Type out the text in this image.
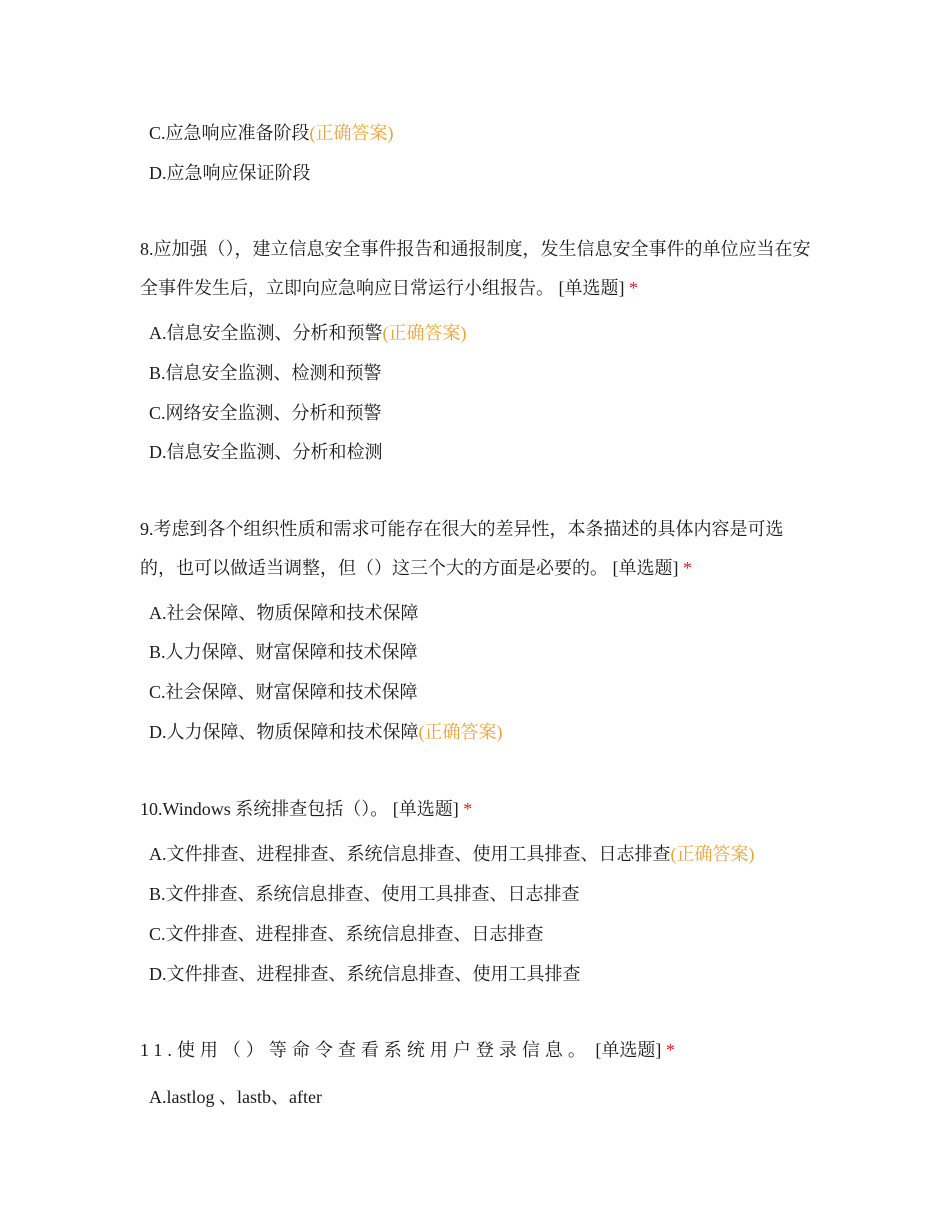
C.应急响应准备阶段(正确答案)
D.应急响应保证阶段
8.应加强（），建立信息安全事件报告和通报制度，发生信息安全事件的单位应当在安全事件发生后，立即向应急响应日常运行小组报告。 [单选题] *
A.信息安全监测、分析和预警(正确答案)
B.信息安全监测、检测和预警
C.网络安全监测、分析和预警
D.信息安全监测、分析和检测
9.考虑到各个组织性质和需求可能存在很大的差异性，本条描述的具体内容是可选的，也可以做适当调整，但（）这三个大的方面是必要的。 [单选题] *
A.社会保障、物质保障和技术保障
B.人力保障、财富保障和技术保障
C.社会保障、财富保障和技术保障
D.人力保障、物质保障和技术保障(正确答案)
10.Windows 系统排查包括（）。 [单选题] *
A.文件排查、进程排查、系统信息排查、使用工具排查、日志排查(正确答案)
B.文件排查、系统信息排查、使用工具排查、日志排查
C.文件排查、进程排查、系统信息排查、日志排查
D.文件排查、进程排查、系统信息排查、使用工具排查
11.使用（）等命令查看系统用户登录信息。 [单选题] *
A.lastlog 、lastb、after
